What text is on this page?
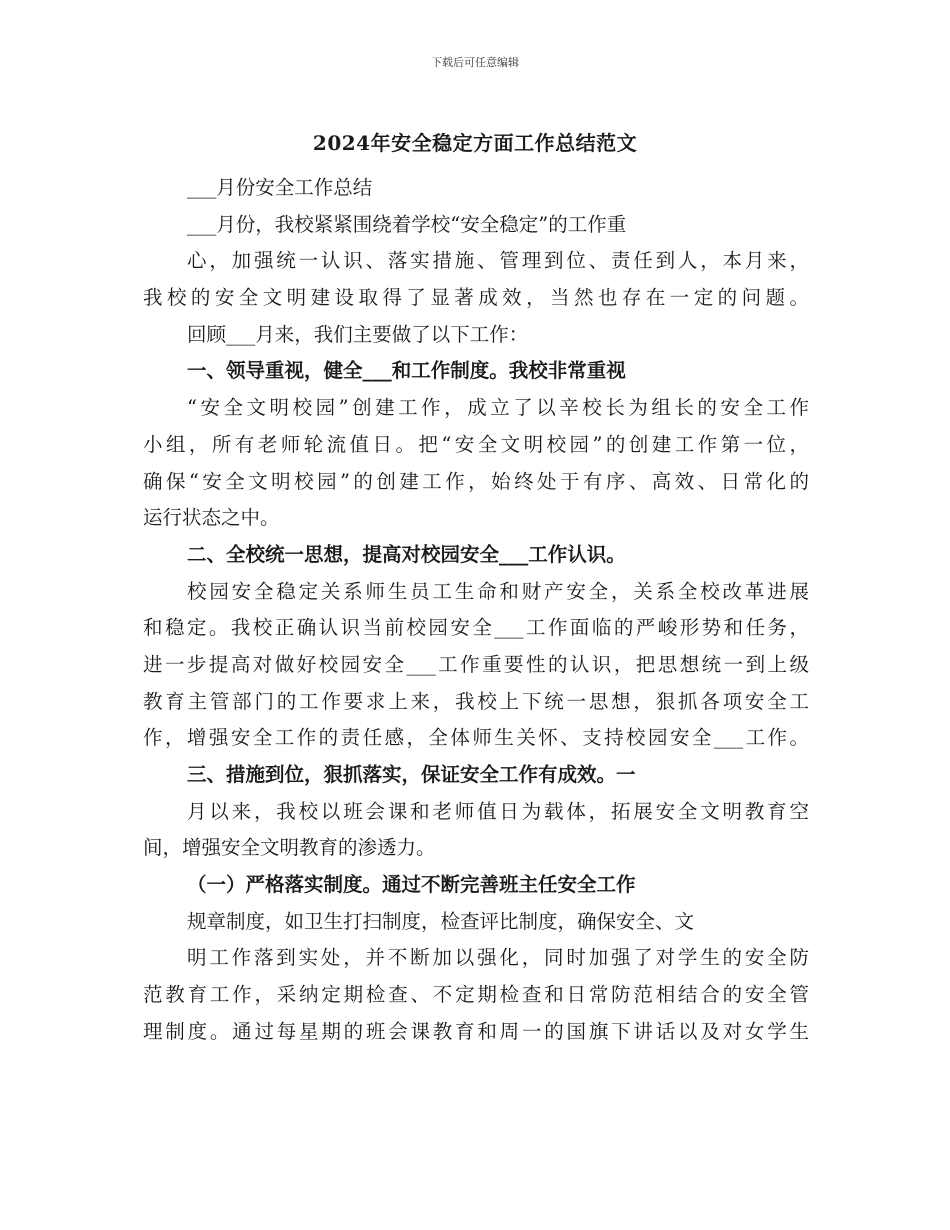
下载后可任意编辑
2024年安全稳定方面工作总结范文
___月份安全工作总结
___月份，我校紧紧围绕着学校“安全稳定”的工作重
心，加强统一认识、落实措施、管理到位、责任到人，本月来，
我校的安全文明建设取得了显著成效，当然也存在一定的问题。
回顾___月来，我们主要做了以下工作：
一、领导重视，健全___和工作制度。我校非常重视
“安全文明校园”创建工作，成立了以辛校长为组长的安全工作
小组，所有老师轮流值日。把“安全文明校园”的创建工作第一位，
确保“安全文明校园”的创建工作，始终处于有序、高效、日常化的
运行状态之中。
二、全校统一思想，提高对校园安全___工作认识。
校园安全稳定关系师生员工生命和财产安全，关系全校改革进展
和稳定。我校正确认识当前校园安全___工作面临的严峻形势和任务，
进一步提高对做好校园安全___工作重要性的认识，把思想统一到上级
教育主管部门的工作要求上来，我校上下统一思想，狠抓各项安全工
作，增强安全工作的责任感，全体师生关怀、支持校园安全___工作。
三、措施到位，狠抓落实，保证安全工作有成效。一
月以来，我校以班会课和老师值日为载体，拓展安全文明教育空
间，增强安全文明教育的渗透力。
（一）严格落实制度。通过不断完善班主任安全工作
规章制度，如卫生打扫制度，检查评比制度，确保安全、文
明工作落到实处，并不断加以强化，同时加强了对学生的安全防
范教育工作，采纳定期检查、不定期检查和日常防范相结合的安全管
理制度。通过每星期的班会课教育和周一的国旗下讲话以及对女学生
